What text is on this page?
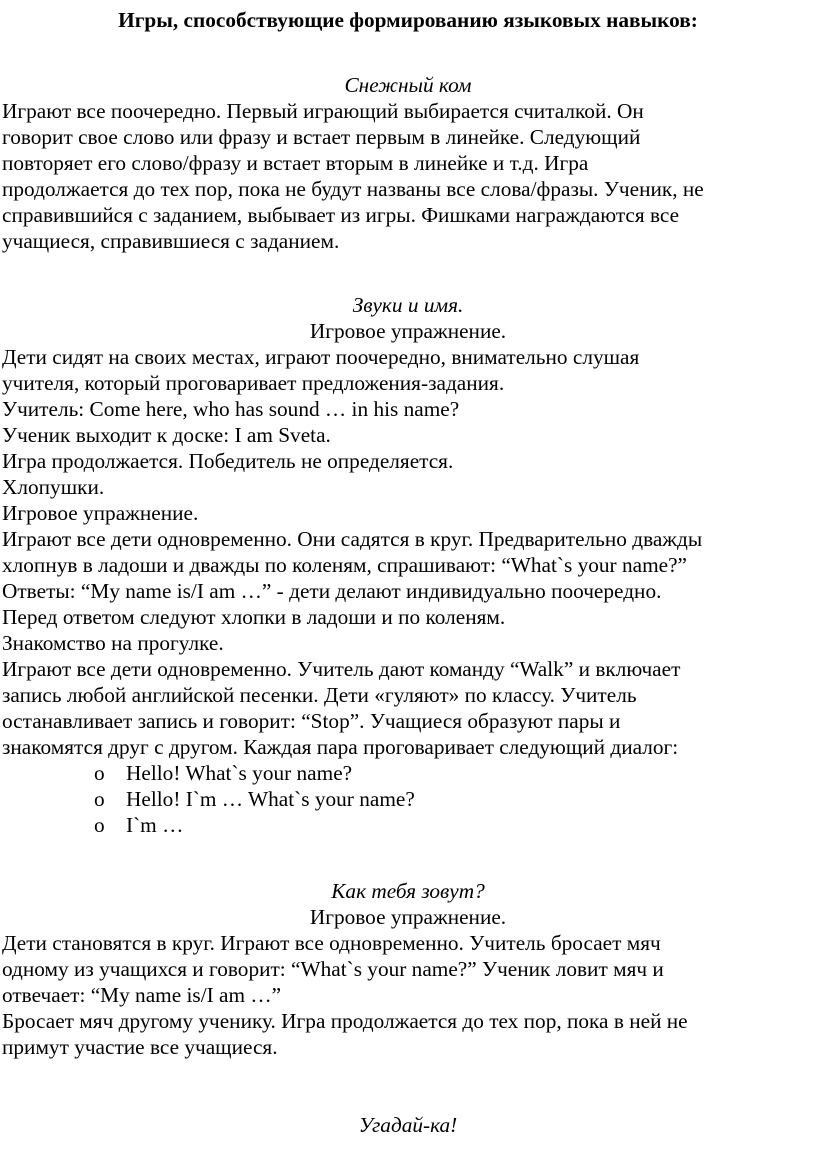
Игры, способствующие формированию языковых навыков:
Снежный ком
Играют все поочередно. Первый играющий выбирается считалкой. Он
говорит свое слово или фразу и встает первым в линейке. Следующий
повторяет его слово/фразу и встает вторым в линейке и т.д. Игра
продолжается до тех пор, пока не будут названы все слова/фразы. Ученик, не
справившийся с заданием, выбывает из игры. Фишками награждаются все
учащиеся, справившиеся с заданием.
Звуки и имя.
Игровое упражнение.
Дети сидят на своих местах, играют поочередно, внимательно слушая
учителя, который проговаривает предложения-задания.
Учитель: Come here, who has sound … in his name?
Ученик выходит к доске: I am Sveta.
Игра продолжается. Победитель не определяется.
Хлопушки.
Игровое упражнение.
Играют все дети одновременно. Они садятся в круг. Предварительно дважды
хлопнув в ладоши и дважды по коленям, спрашивают: “What`s your name?”
Ответы: “My name is/I am …” - дети делают индивидуально поочередно.
Перед ответом следуют хлопки в ладоши и по коленям.
Знакомство на прогулке.
Играют все дети одновременно. Учитель дают команду “Walk” и включает
запись любой английской песенки. Дети «гуляют» по классу. Учитель
останавливает запись и говорит: “Stop”. Учащиеся образуют пары и
знакомятся друг с другом. Каждая пара проговаривает следующий диалог:
o Hello! What`s your name?
o Hello! I`m … What`s your name?
o I`m …
Как тебя зовут?
Игровое упражнение.
Дети становятся в круг. Играют все одновременно. Учитель бросает мяч
одному из учащихся и говорит: “What`s your name?” Ученик ловит мяч и
отвечает: “My name is/I am …”
Бросает мяч другому ученику. Игра продолжается до тех пор, пока в ней не
примут участие все учащиеся.
Угадай-ка!
